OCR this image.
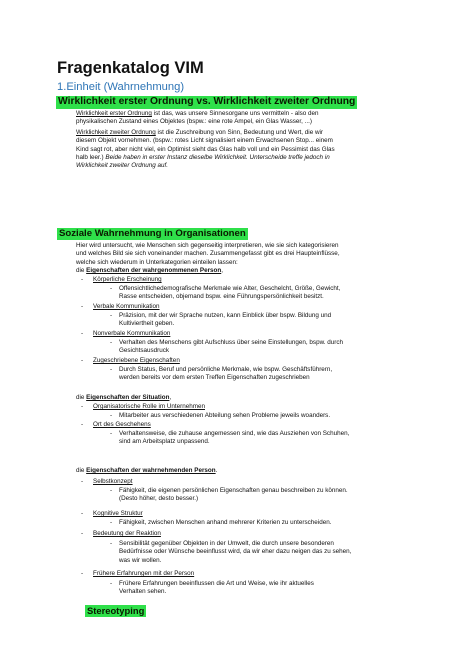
Fragenkatalog VIM
1.Einheit (Wahrnehmung)
Wirklichkeit erster Ordnung vs. Wirklichkeit zweiter Ordnung
Wirklichkeit erster Ordnung ist das, was unsere Sinnesorgane uns vermitteln - also den
physikalischen Zustand eines Objektes (bspw.: eine rote Ampel, ein Glas Wasser, ...)
Wirklichkeit zweiter Ordnung ist die Zuschreibung von Sinn, Bedeutung und Wert, die wir
diesem Objekt vornehmen. (bspw.: rotes Licht signalisiert einem Erwachsenen Stop... einem
Kind sagt rot, aber nicht viel, ein Optimist sieht das Glas halb voll und ein Pessimist das Glas
halb leer.) Beide haben in erster Instanz dieselbe Wirklichkeit. Unterscheide treffe jedoch in
Wirklichkeit zweiter Ordnung auf.
Soziale Wahrnehmung in Organisationen
Hier wird untersucht, wie Menschen sich gegenseitig interpretieren, wie sie sich kategorisieren
und welches Bild sie sich voneinander machen. Zusammengefasst gibt es drei Haupteinflüsse,
welche sich wiederum in Unterkategorien einteilen lassen:
die Eigenschaften der wahrgenommenen Person,
- Körperliche Erscheinung
- Offensichtlichedemografische Merkmale wie Alter, Geschelcht, Größe, Gewicht,
Rasse entscheiden, objemand bspw. eine Führungspersönlichkeit besitzt.
- Verbale Kommunikation
- Präzision, mit der wir Sprache nutzen, kann Einblick über bspw. Bildung und
Kultiviertheit geben.
- Nonverbale Kommunikation
- Verhalten des Menschens gibt Aufschluss über seine Einstellungen, bspw. durch
Gesichtsausdruck
- Zugeschriebene Eigenschaften
- Durch Status, Beruf und persönliche Merkmale, wie bspw. Geschäftsführern,
werden bereits vor dem ersten Treffen Eigenschaften zugeschrieben
die Eigenschaften der Situation,
- Organisatorische Rolle im Unternehmen
- Mitarbeiter aus verschiedenen Abteilung sehen Probleme jeweils woanders.
- Ort des Geschehens
- Verhaltensweise, die zuhause angemessen sind, wie das Ausziehen von Schuhen,
sind am Arbeitsplatz unpassend.
die Eigenschaften der wahrnehmenden Person.
- Selbstkonzept
- Fähigkeit, die eigenen persönlichen Eigenschaften genau beschreiben zu können.
(Desto höher, desto besser.)
- Kognitive Struktur
- Fähigkeit, zwischen Menschen anhand mehrerer Kriterien zu unterscheiden.
- Bedeutung der Reaktion
- Sensibilität gegenüber Objekten in der Umwelt, die durch unsere besonderen
Bedürfnisse oder Wünsche beeinflusst wird, da wir eher dazu neigen das zu sehen,
was wir wollen.
- Frühere Erfahrungen mit der Person
- Frühere Erfahrungen beeinflussen die Art und Weise, wie ihr aktuelles
Verhalten sehen.
Stereotyping
